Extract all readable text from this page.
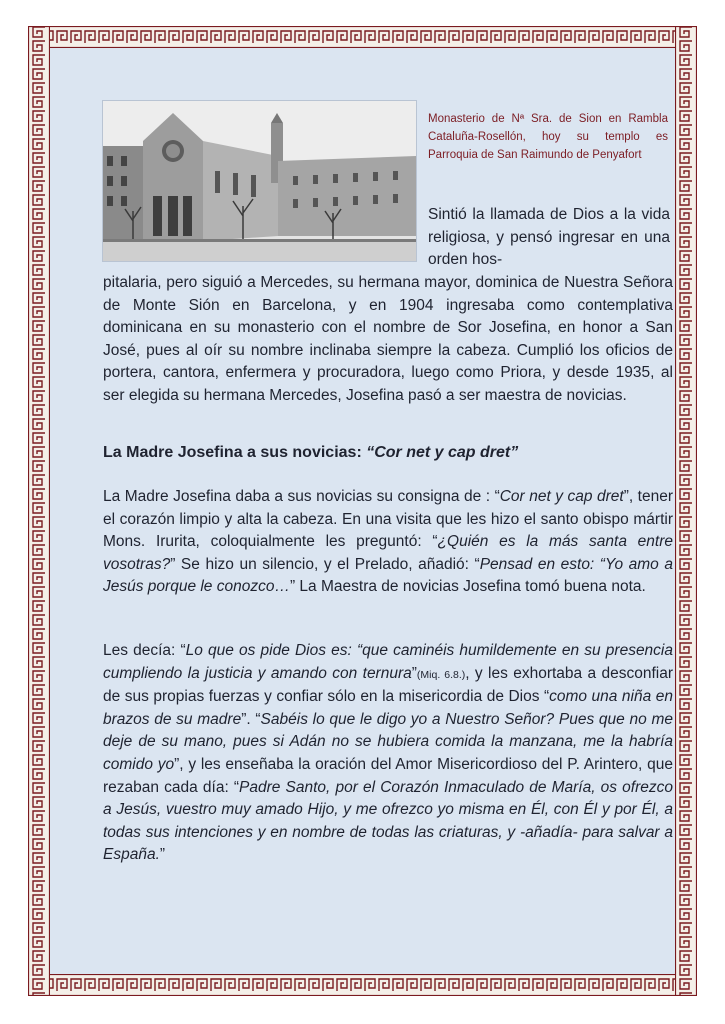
Monasterio de Nª Sra. de Sion en Rambla Cataluña-Rosellón, hoy su templo es Parroquia de San Raimundo de Penyafort

Sintió la llamada de Dios a la vida religiosa, y pensó ingresar en una orden hos-

pitalaria, pero siguió a Mercedes, su hermana mayor, dominica de Nuestra Señora de Monte Sión en Barcelona, y en 1904 ingresaba como contemplativa dominicana en su monasterio con el nombre de Sor Josefina, en honor a San José, pues al oír su nombre inclinaba siempre la cabeza. Cumplió los oficios de portera, cantora, enfermera y procuradora, luego como Priora, y desde 1935, al ser elegida su hermana Mercedes, Josefina pasó a ser maestra de novicias.

La Madre Josefina a sus novicias: “Cor net y cap dret”

La Madre Josefina daba a sus novicias su consigna de : “Cor net y cap dret”, tener el corazón limpio y alta la cabeza. En una visita que les hizo el santo obispo mártir Mons. Irurita, coloquialmente les preguntó: “¿Quién es la más santa entre vosotras?” Se hizo un silencio, y el Prelado, añadió: “Pensad en esto: “Yo amo a Jesús porque le conozco…” La Maestra de novicias Josefina tomó buena nota.

Les decía: “Lo que os pide Dios es: “que caminéis humildemente en su presencia cumpliendo la justicia y amando con ternura”(Miq. 6.8.), y les exhortaba a desconfiar de sus propias fuerzas y confiar sólo en la misericordia de Dios “como una niña en brazos de su madre”. “Sabéis lo que le digo yo a Nuestro Señor? Pues que no me deje de su mano, pues si Adán no se hubiera comida la manzana, me la habría comido yo”, y les enseñaba la oración del Amor Misericordioso del P. Arintero, que rezaban cada día: “Padre Santo, por el Corazón Inmaculado de María, os ofrezco a Jesús, vuestro muy amado Hijo, y me ofrezco yo misma en Él, con Él y por Él, a todas sus intenciones y en nombre de todas las criaturas, y -añadía- para salvar a España.”
